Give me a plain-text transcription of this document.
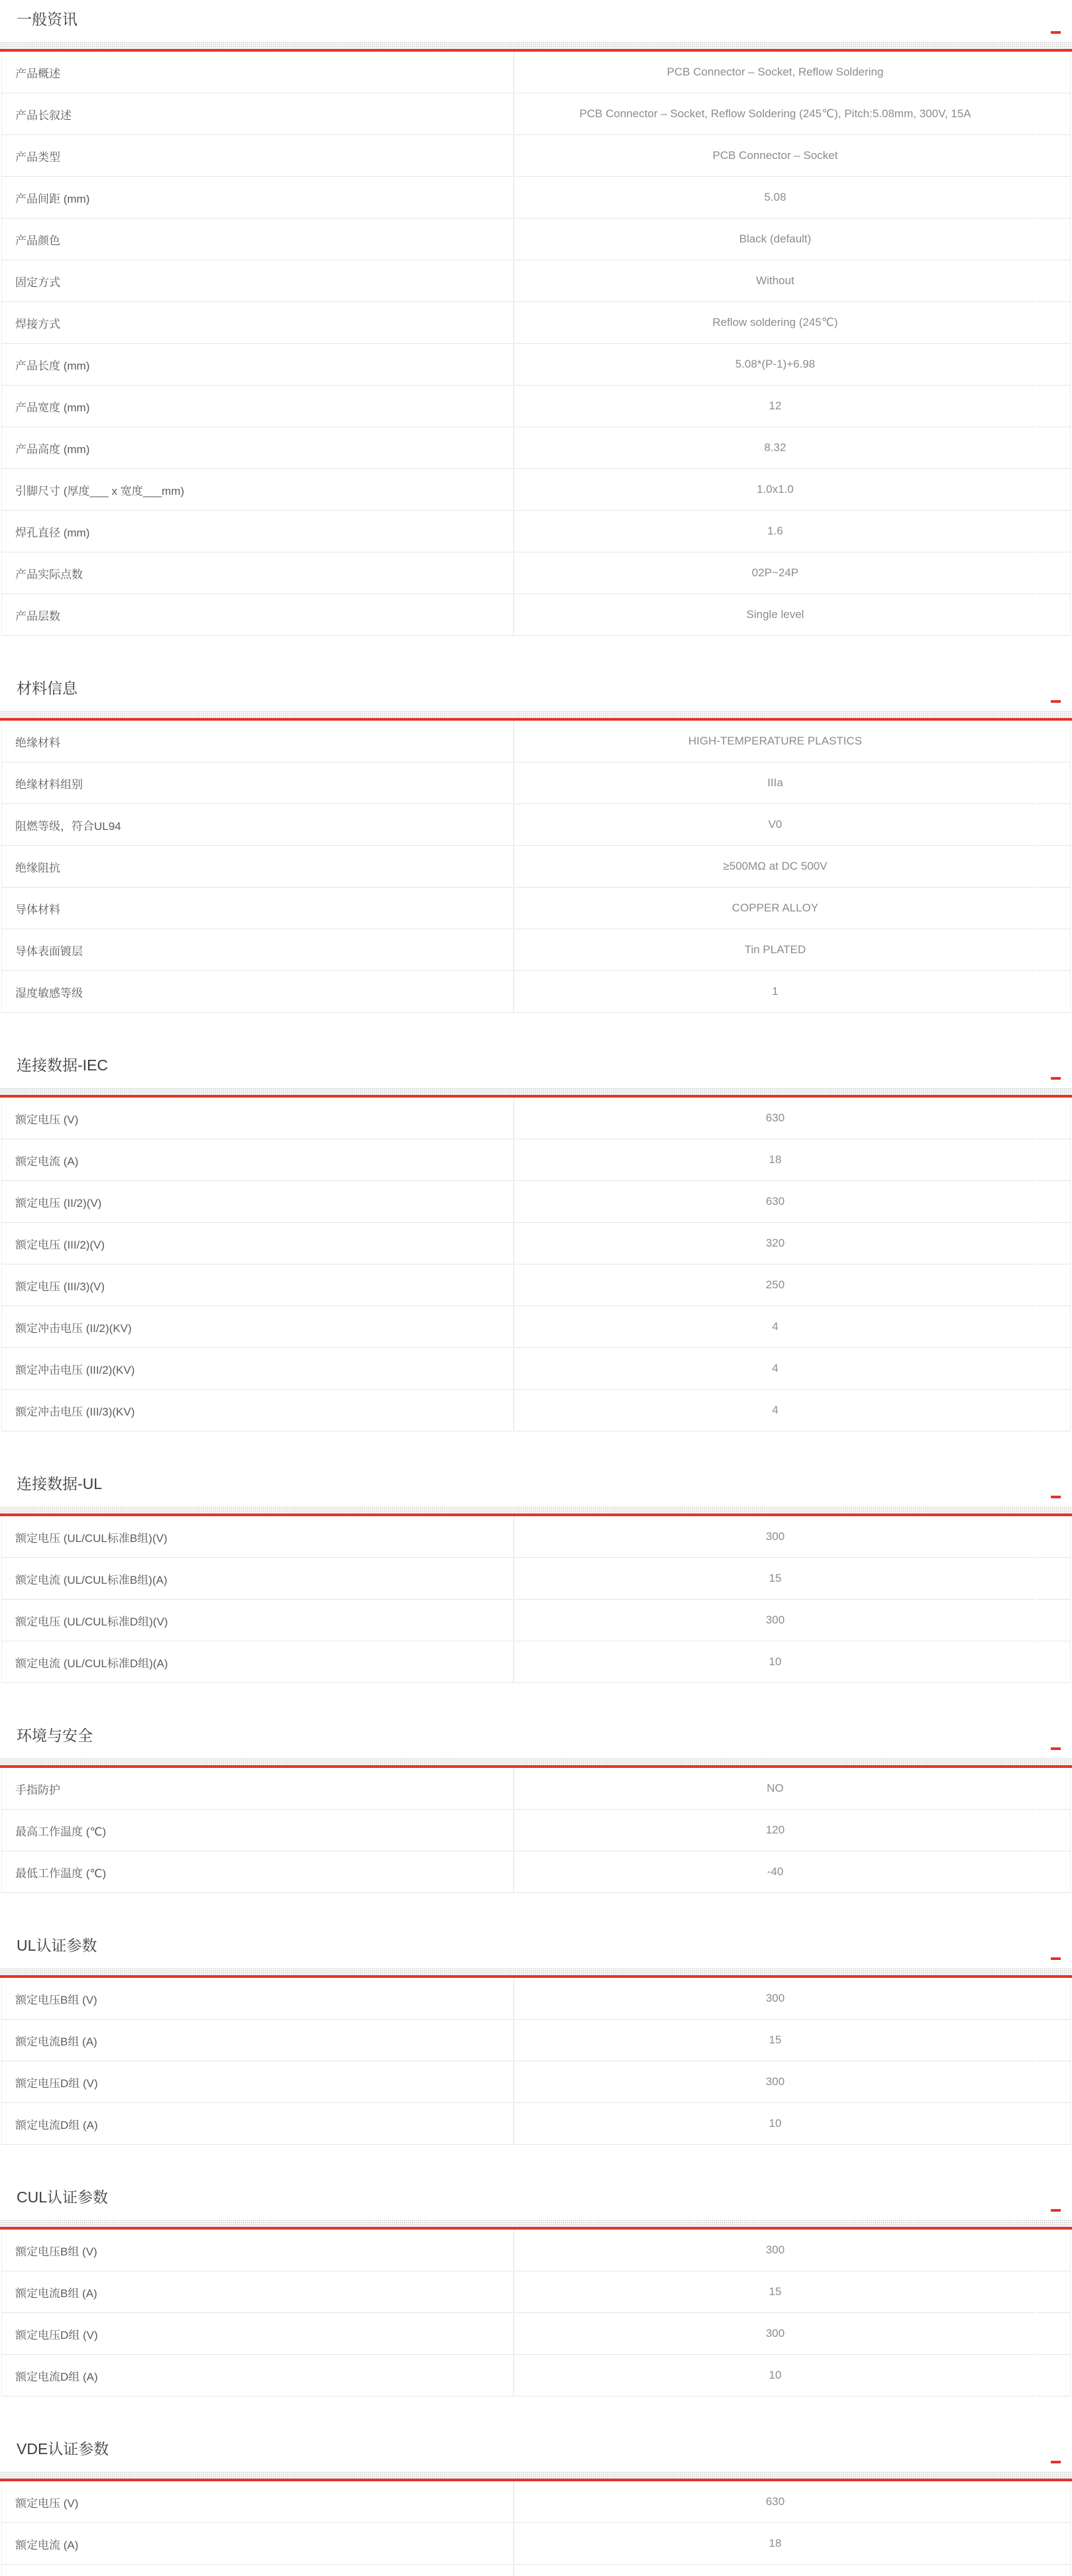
一般资讯
产品概述	PCB Connector – Socket, Reflow Soldering	
产品长叙述	PCB Connector – Socket, Reflow Soldering (245℃), Pitch:5.08mm, 300V, 15A	
产品类型	PCB Connector – Socket	
产品间距 (mm)	5.08	
产品颜色	Black (default)	
固定方式	Without	
焊接方式	Reflow soldering (245℃)	
产品长度 (mm)	5.08*(P-1)+6.98	
产品宽度 (mm)	12	
产品高度 (mm)	8.32	
引脚尺寸 (厚度___ x 宽度___mm)	1.0x1.0	
焊孔直径 (mm)	1.6	
产品实际点数	02P~24P	
产品层数	Single level	
材料信息
绝缘材料	HIGH-TEMPERATURE PLASTICS	
绝缘材料组别	IIIa	
阻燃等级，符合UL94	V0	
绝缘阻抗	≥500MΩ at DC 500V	
导体材料	COPPER ALLOY	
导体表面镀层	Tin PLATED	
湿度敏感等级	1	
连接数据-IEC
额定电压 (V)	630	
额定电流 (A)	18	
额定电压 (II/2)(V)	630	
额定电压 (III/2)(V)	320	
额定电压 (III/3)(V)	250	
额定冲击电压 (II/2)(KV)	4	
额定冲击电压 (III/2)(KV)	4	
额定冲击电压 (III/3)(KV)	4	
连接数据-UL
额定电压 (UL/CUL标准B组)(V)	300	
额定电流 (UL/CUL标准B组)(A)	15	
额定电压 (UL/CUL标准D组)(V)	300	
额定电流 (UL/CUL标准D组)(A)	10	
环境与安全
手指防护	NO	
最高工作温度 (℃)	120	
最低工作温度 (℃)	-40	
UL认证参数
额定电压B组 (V)	300	
额定电流B组 (A)	15	
额定电压D组 (V)	300	
额定电流D组 (A)	10	
CUL认证参数
额定电压B组 (V)	300	
额定电流B组 (A)	15	
额定电压D组 (V)	300	
额定电流D组 (A)	10	
VDE认证参数
额定电压 (V)	630	
额定电流 (A)	18	
